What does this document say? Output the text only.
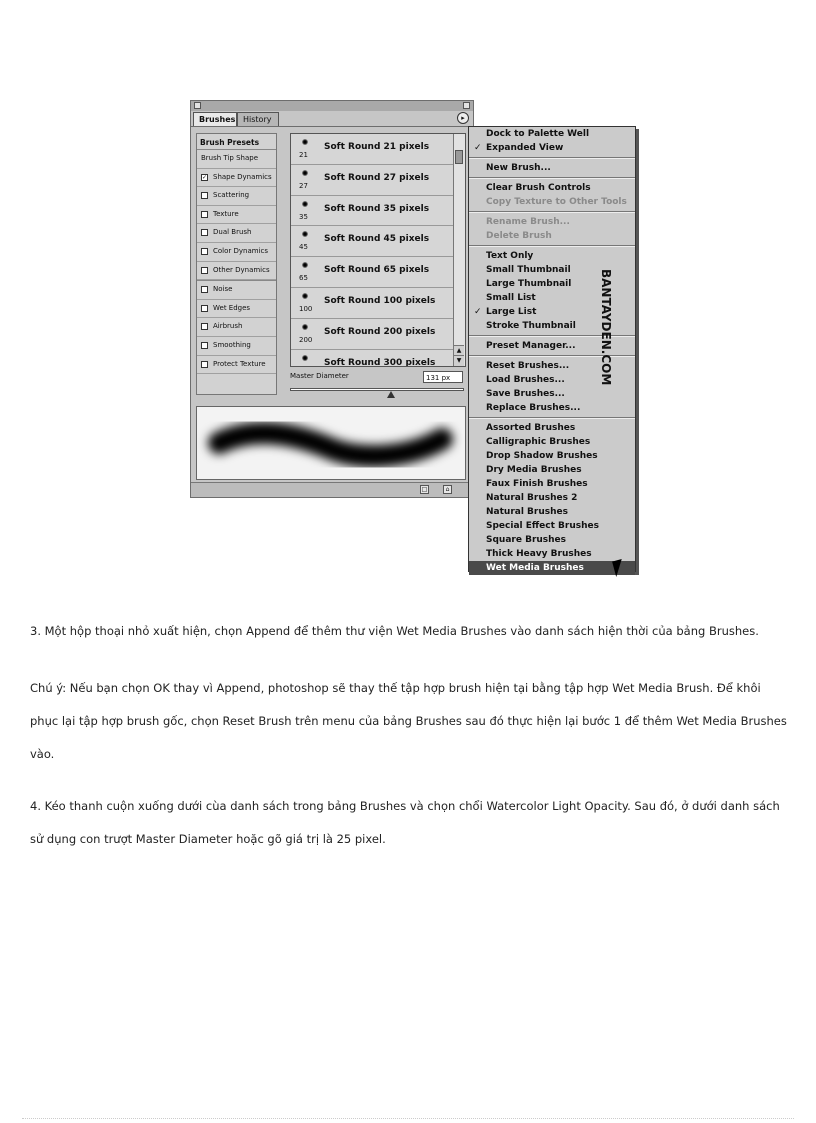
Brushes History	▸
Brush Presets
Brush Tip Shape
✓ Shape Dynamics
Scattering
Texture
Dual Brush
Color Dynamics
Other Dynamics
Noise
Wet Edges
Airbrush
Smoothing
Protect Texture
21
Soft Round 21 pixels
27
Soft Round 27 pixels
35
Soft Round 35 pixels
45
Soft Round 45 pixels
65
Soft Round 65 pixels
100
Soft Round 100 pixels
200
Soft Round 200 pixels
Soft Round 300 pixels
▲
▼
Master Diameter	131 px
□	⌂
Dock to Palette Well
✓ Expanded View
New Brush...
Clear Brush Controls
Copy Texture to Other Tools
Rename Brush...
Delete Brush
Text Only
Small Thumbnail
Large Thumbnail
Small List
✓ Large List
Stroke Thumbnail
Preset Manager...
Reset Brushes...
Load Brushes...
Save Brushes...
Replace Brushes...
Assorted Brushes
Calligraphic Brushes
Drop Shadow Brushes
Dry Media Brushes
Faux Finish Brushes
Natural Brushes 2
Natural Brushes
Special Effect Brushes
Square Brushes
Thick Heavy Brushes
Wet Media Brushes
BANTAYDEN.COM
3. Một hộp thoại nhỏ xuất hiện, chọn Append để thêm thư viện Wet Media Brushes vào danh sách hiện thời của bảng Brushes.
Chú ý: Nếu bạn chọn OK thay vì Append, photoshop sẽ thay thế tập hợp brush hiện tại bằng tập hợp Wet Media Brush. Để khôi phục lại tập hợp brush gốc, chọn Reset Brush trên menu của bảng Brushes sau đó thực hiện lại bước 1 để thêm Wet Media Brushes vào.
4. Kéo thanh cuộn xuống dưới cùa danh sách trong bảng Brushes và chọn chổi Watercolor Light Opacity. Sau đó, ở dưới danh sách sử dụng con trượt Master Diameter hoặc gõ giá trị là 25 pixel.
